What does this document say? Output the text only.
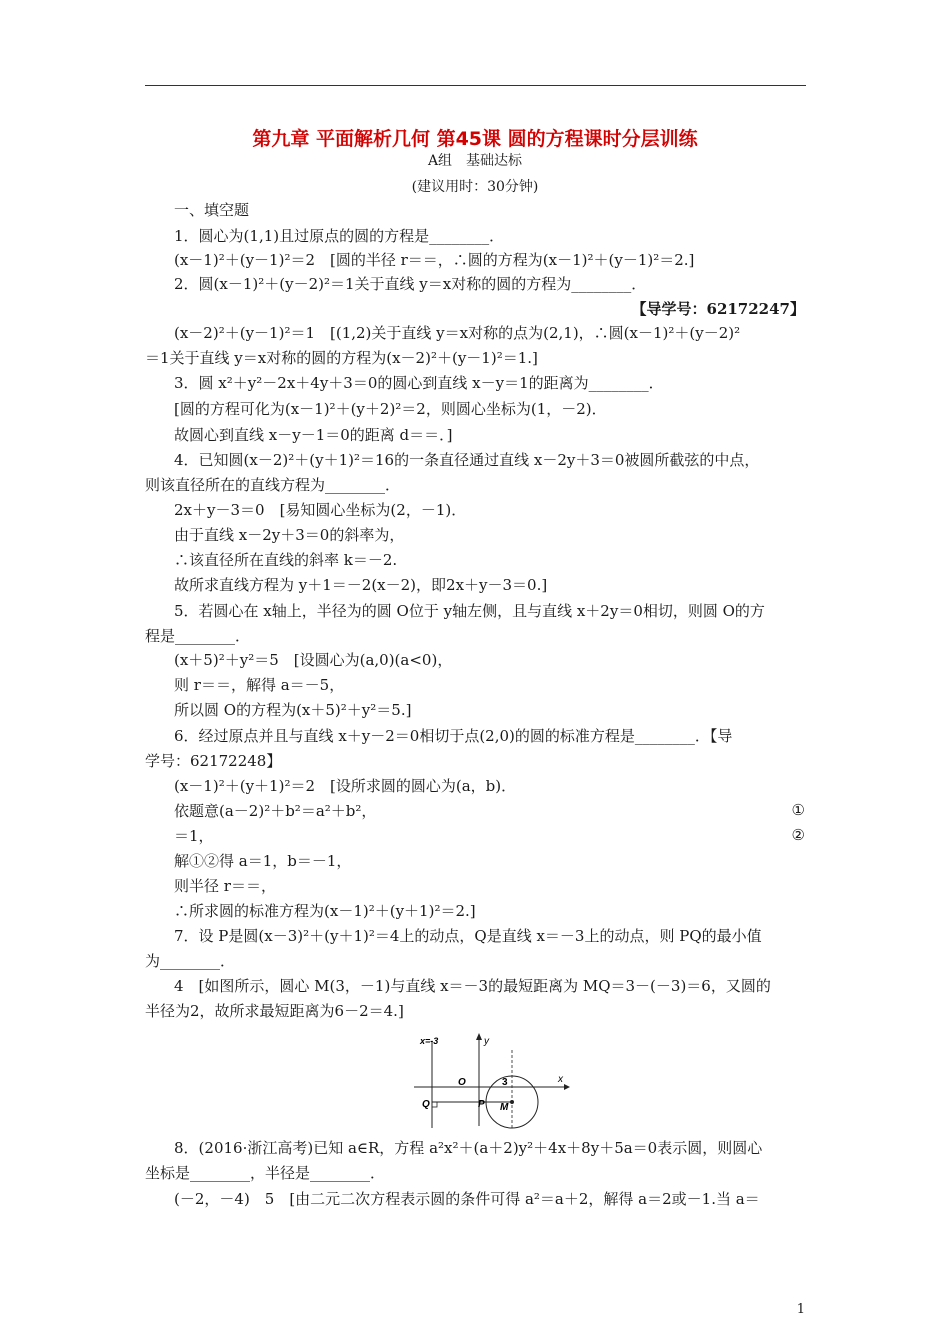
第九章 平面解析几何 第45课 圆的方程课时分层训练
A组　基础达标
(建议用时：30分钟)
一、填空题
1．圆心为(1,1)且过原点的圆的方程是________．
(x－1)²＋(y－1)²＝2　[圆的半径 r＝＝，∴圆的方程为(x－1)²＋(y－1)²＝2.]
2．圆(x－1)²＋(y－2)²＝1关于直线 y＝x对称的圆的方程为________．
【导学号：62172247】
(x－2)²＋(y－1)²＝1　[(1,2)关于直线 y＝x对称的点为(2,1)，∴圆(x－1)²＋(y－2)²
＝1关于直线 y＝x对称的圆的方程为(x－2)²＋(y－1)²＝1.]
3．圆 x²＋y²－2x＋4y＋3＝0的圆心到直线 x－y＝1的距离为________．
[圆的方程可化为(x－1)²＋(y＋2)²＝2，则圆心坐标为(1，－2)．
故圆心到直线 x－y－1＝0的距离 d＝＝．]
4．已知圆(x－2)²＋(y＋1)²＝16的一条直径通过直线 x－2y＋3＝0被圆所截弦的中点，
则该直径所在的直线方程为________．
2x＋y－3＝0　[易知圆心坐标为(2，－1)．
由于直线 x－2y＋3＝0的斜率为，
∴该直径所在直线的斜率 k＝－2.
故所求直线方程为 y＋1＝－2(x－2)，即2x＋y－3＝0.]
5．若圆心在 x轴上，半径为的圆 O位于 y轴左侧，且与直线 x＋2y＝0相切，则圆 O的方
程是________．
(x＋5)²＋y²＝5　[设圆心为(a,0)(a<0)，
则 r＝＝，解得 a＝－5，
所以圆 O的方程为(x＋5)²＋y²＝5.]
6．经过原点并且与直线 x＋y－2＝0相切于点(2,0)的圆的标准方程是________．【导
学号：62172248】
(x－1)²＋(y＋1)²＝2　[设所求圆的圆心为(a，b)．
依题意(a－2)²＋b²＝a²＋b²，	①
＝1，	②
解①②得 a＝1，b＝－1，
则半径 r＝＝，
∴所求圆的标准方程为(x－1)²＋(y＋1)²＝2.]
7．设 P是圆(x－3)²＋(y＋1)²＝4上的动点，Q是直线 x＝－3上的动点，则 PQ的最小值
为________．
4　[如图所示，圆心 M(3，－1)与直线 x＝－3的最短距离为 MQ＝3－(－3)＝6，又圆的
半径为2，故所求最短距离为6－2＝4.]
x=-3	y
x
O	3
Q	P M
8．(2016·浙江高考)已知 a∈R，方程 a²x²＋(a＋2)y²＋4x＋8y＋5a＝0表示圆，则圆心
坐标是________，半径是________．
(－2，－4)　5　[由二元二次方程表示圆的条件可得 a²＝a＋2，解得 a＝2或－1.当 a＝
1
